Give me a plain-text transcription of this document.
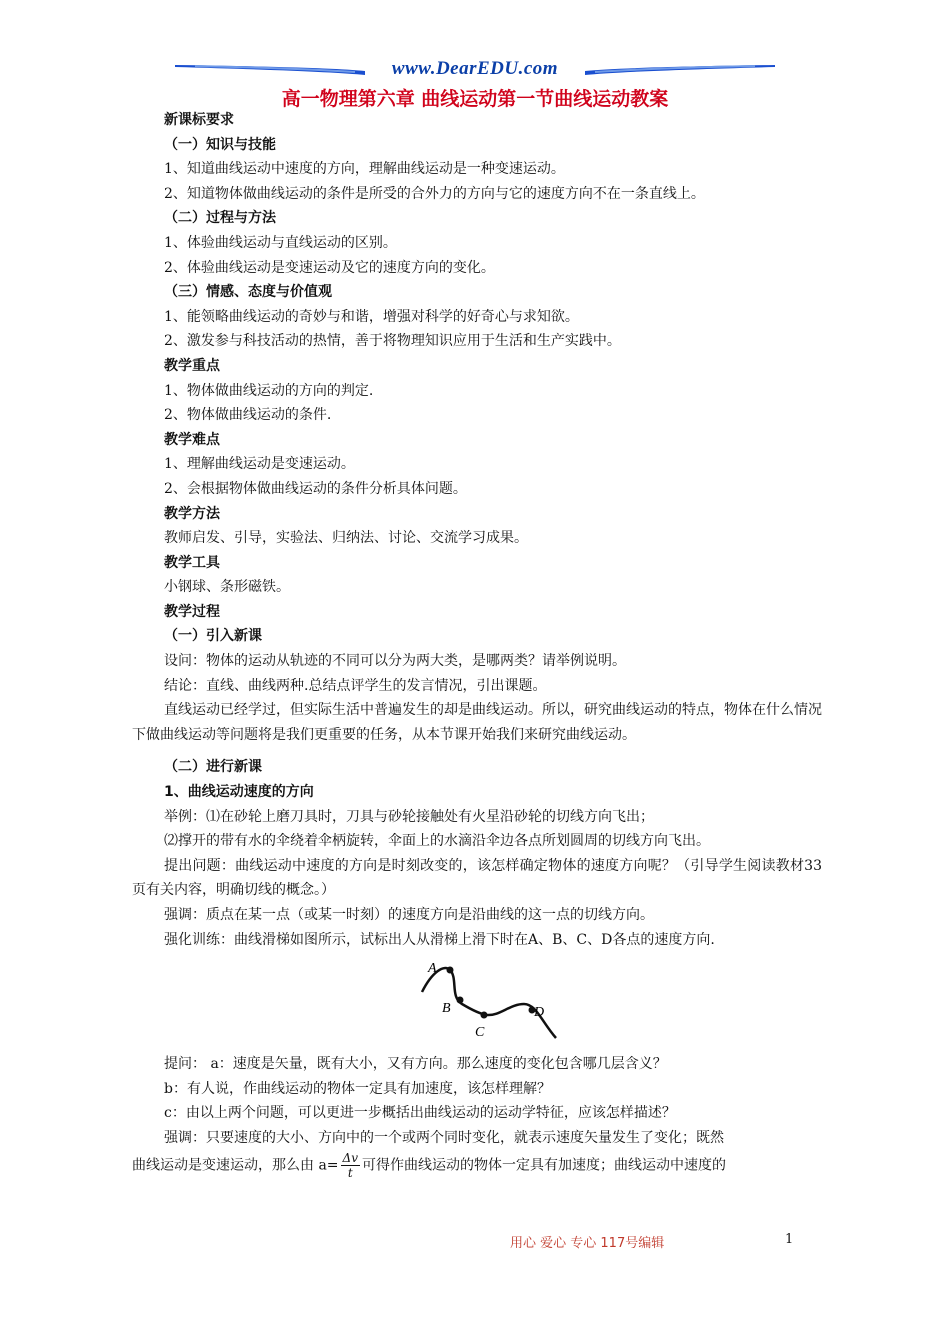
www.DearEDU.com
高一物理第六章 曲线运动第一节曲线运动教案
新课标要求
（一）知识与技能
1、知道曲线运动中速度的方向，理解曲线运动是一种变速运动。
2、知道物体做曲线运动的条件是所受的合外力的方向与它的速度方向不在一条直线上。
（二）过程与方法
1、体验曲线运动与直线运动的区别。
2、体验曲线运动是变速运动及它的速度方向的变化。
（三）情感、态度与价值观
1、能领略曲线运动的奇妙与和谐，增强对科学的好奇心与求知欲。
2、激发参与科技活动的热情，善于将物理知识应用于生活和生产实践中。
教学重点
1、物体做曲线运动的方向的判定.
2、物体做曲线运动的条件.
教学难点
1、理解曲线运动是变速运动。
2、会根据物体做曲线运动的条件分析具体问题。
教学方法
教师启发、引导，实验法、归纳法、讨论、交流学习成果。
教学工具
小钢球、条形磁铁。
教学过程
（一）引入新课
设问：物体的运动从轨迹的不同可以分为两大类，是哪两类？请举例说明。
结论：直线、曲线两种.总结点评学生的发言情况，引出课题。
直线运动已经学过，但实际生活中普遍发生的却是曲线运动。所以，研究曲线运动的特点，物体在什么情况下做曲线运动等问题将是我们更重要的任务，从本节课开始我们来研究曲线运动。
（二）进行新课
1、曲线运动速度的方向
举例：⑴在砂轮上磨刀具时，刀具与砂轮接触处有火星沿砂轮的切线方向飞出；
⑵撑开的带有水的伞绕着伞柄旋转，伞面上的水滴沿伞边各点所划圆周的切线方向飞出。
提出问题：曲线运动中速度的方向是时刻改变的，该怎样确定物体的速度方向呢？（引导学生阅读教材33页有关内容，明确切线的概念。）
强调：质点在某一点（或某一时刻）的速度方向是沿曲线的这一点的切线方向。
强化训练：曲线滑梯如图所示，试标出人从滑梯上滑下时在A、B、C、D各点的速度方向.
A
B
C
D
提问： a：速度是矢量，既有大小，又有方向。那么速度的变化包含哪几层含义？
b：有人说，作曲线运动的物体一定具有加速度，该怎样理解？
c：由以上两个问题，可以更进一步概括出曲线运动的运动学特征，应该怎样描述？
强调：只要速度的大小、方向中的一个或两个同时变化，就表示速度矢量发生了变化；既然
曲线运动是变速运动，那么由 $a= \frac{\Delta v}{t}$ 可得作曲线运动的物体一定具有加速度；曲线运动中速度的
用心 爱心 专心 117号编辑	1
